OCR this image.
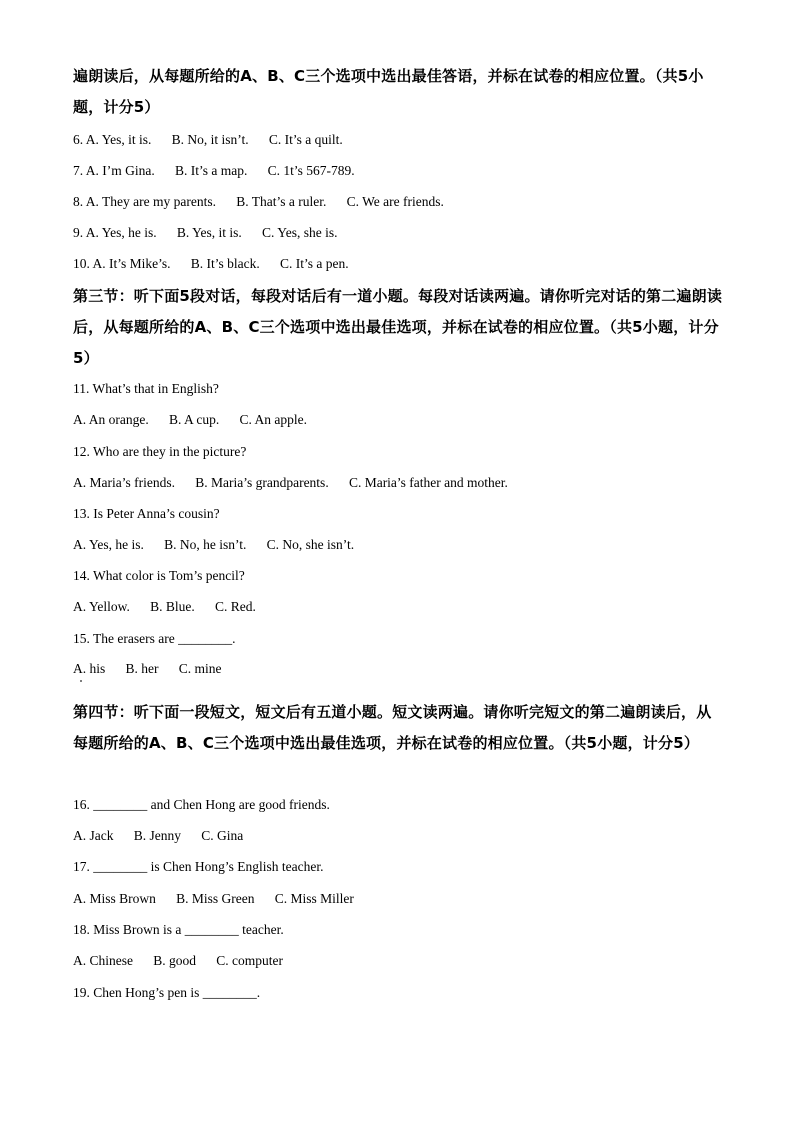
遍朗读后，从每题所给的A、B、C三个选项中选出最佳答语，并标在试卷的相应位置。（共5小题，计分5）
6. A. Yes, it is.      B. No, it isn’t.      C. It’s a quilt.
7. A. I’m Gina.      B. It’s a map.      C. 1t’s 567-789.
8. A. They are my parents.      B. That’s a ruler.      C. We are friends.
9. A. Yes, he is.      B. Yes, it is.      C. Yes, she is.
10. A. It’s Mike’s.      B. It’s black.      C. It’s a pen.
第三节：听下面5段对话，每段对话后有一道小题。每段对话读两遍。请你听完对话的第二遍朗读后，从每题所给的A、B、C三个选项中选出最佳选项，并标在试卷的相应位置。（共5小题，计分5）
11. What’s that in English?
A. An orange.      B. A cup.      C. An apple.
12. Who are they in the picture?
A. Maria’s friends.      B. Maria’s grandparents.      C. Maria’s father and mother.
13. Is Peter Anna’s cousin?
A. Yes, he is.      B. No, he isn’t.      C. No, she isn’t.
14. What color is Tom’s pencil?
A. Yellow.      B. Blue.      C. Red.
15. The erasers are ________.
A. his      B. her      C. mine
第四节：听下面一段短文，短文后有五道小题。短文读两遍。请你听完短文的第二遍朗读后，从每题所给的A、B、C三个选项中选出最佳选项，并标在试卷的相应位置。（共5小题，计分5）
16. ________ and Chen Hong are good friends.
A. Jack      B. Jenny      C. Gina
17. ________ is Chen Hong’s English teacher.
A. Miss Brown      B. Miss Green      C. Miss Miller
18. Miss Brown is a ________ teacher.
A. Chinese      B. good      C. computer
19. Chen Hong’s pen is ________.
